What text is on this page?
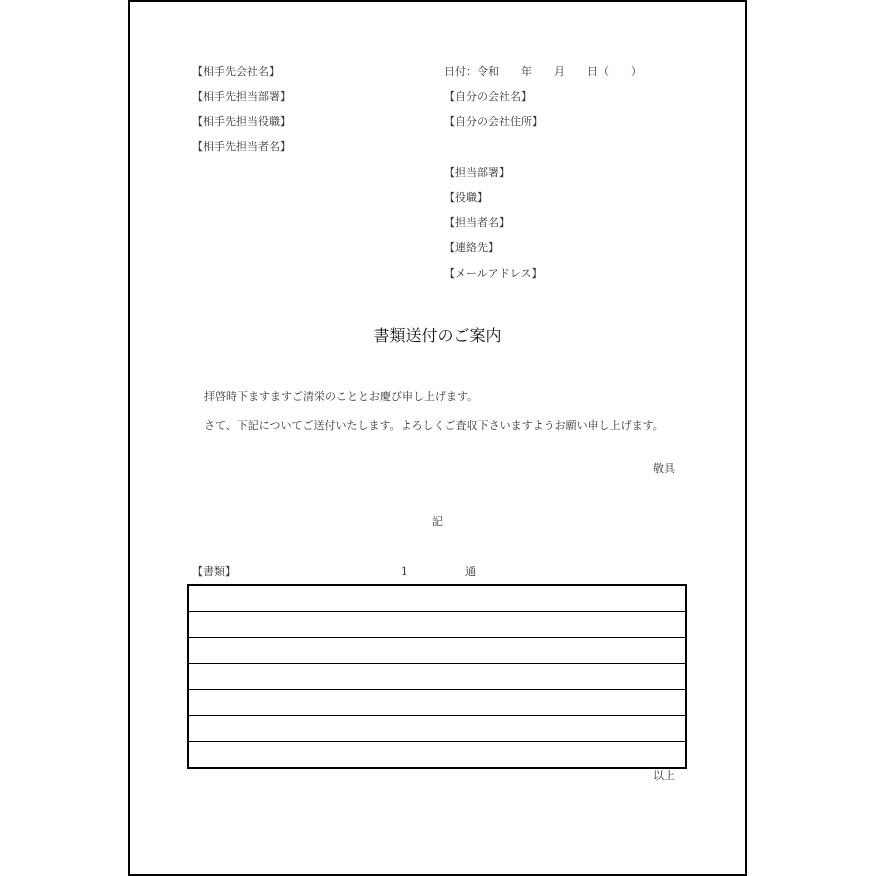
【相手先会社名】
【相手先担当部署】
【相手先担当役職】
【相手先担当者名】
日付：令和　　年　　月　　日（　　）
【自分の会社名】
【自分の会社住所】
【担当部署】
【役職】
【担当者名】
【連絡先】
【メールアドレス】
書類送付のご案内
拝啓時下ますますご清栄のこととお慶び申し上げます。
さて、下記についてご送付いたします。よろしくご査収下さいますようお願い申し上げます。
敬具
記
【書類】	1	通

以上
